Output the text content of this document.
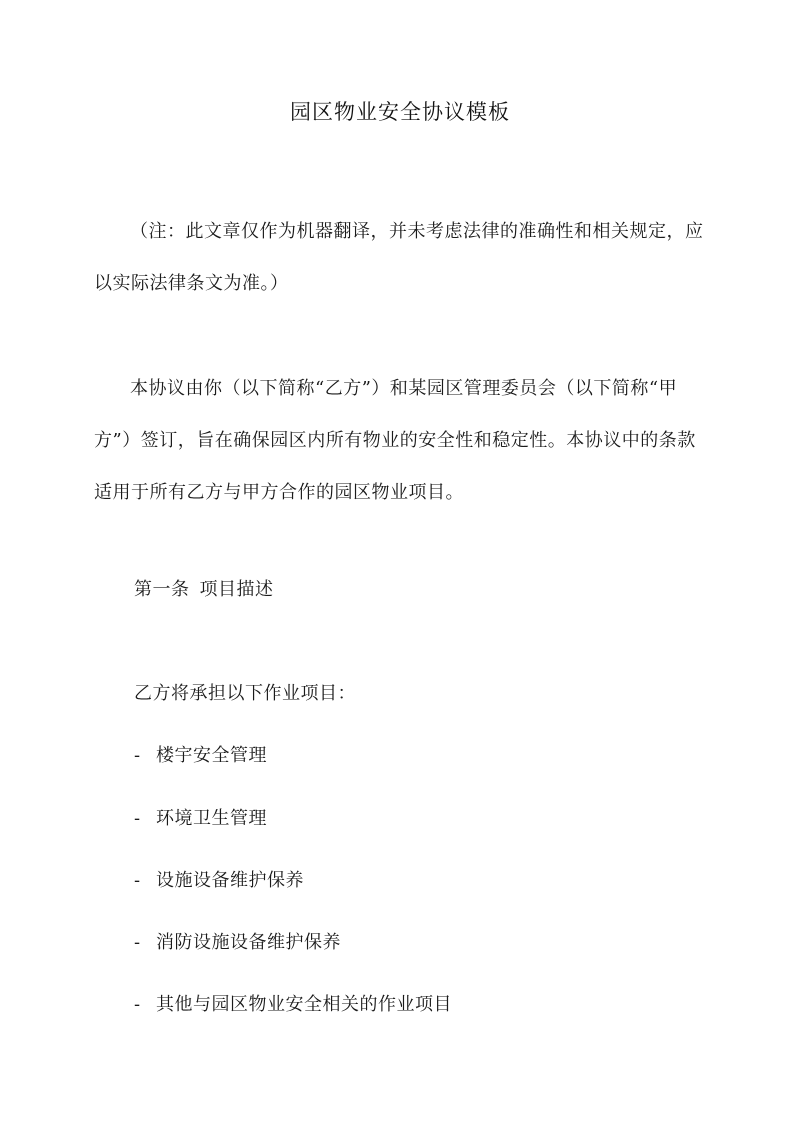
园区物业安全协议模板
（注：此文章仅作为机器翻译，并未考虑法律的准确性和相关规定，应以实际法律条文为准。）
本协议由你（以下简称“乙方”）和某园区管理委员会（以下简称“甲方”）签订，旨在确保园区内所有物业的安全性和稳定性。本协议中的条款适用于所有乙方与甲方合作的园区物业项目。
第一条 项目描述
乙方将承担以下作业项目：
- 楼宇安全管理
- 环境卫生管理
- 设施设备维护保养
- 消防设施设备维护保养
- 其他与园区物业安全相关的作业项目
